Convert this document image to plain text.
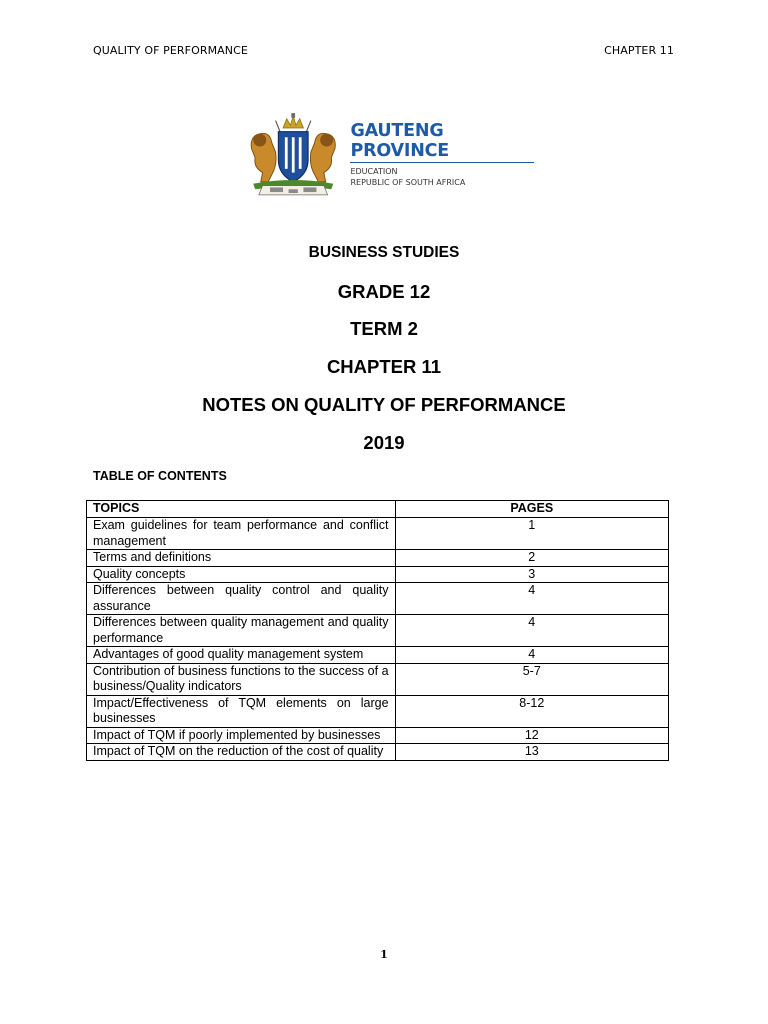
QUALITY OF PERFORMANCE	CHAPTER 11
GAUTENG PROVINCE
EDUCATION
REPUBLIC OF SOUTH AFRICA
BUSINESS STUDIES
GRADE 12
TERM 2
CHAPTER 11
NOTES ON QUALITY OF PERFORMANCE
2019
TABLE OF CONTENTS
TOPICS	PAGES
Exam guidelines for team performance and conflict management	1
Terms and definitions	2
Quality concepts	3
Differences between quality control and quality assurance	4
Differences between quality management and quality performance	4
Advantages of good quality management system	4
Contribution of business functions to the success of a business/Quality indicators	5-7
Impact/Effectiveness of TQM elements on large businesses	8-12
Impact of TQM if poorly implemented by businesses	12
Impact of TQM on the reduction of the cost of quality	13
1
